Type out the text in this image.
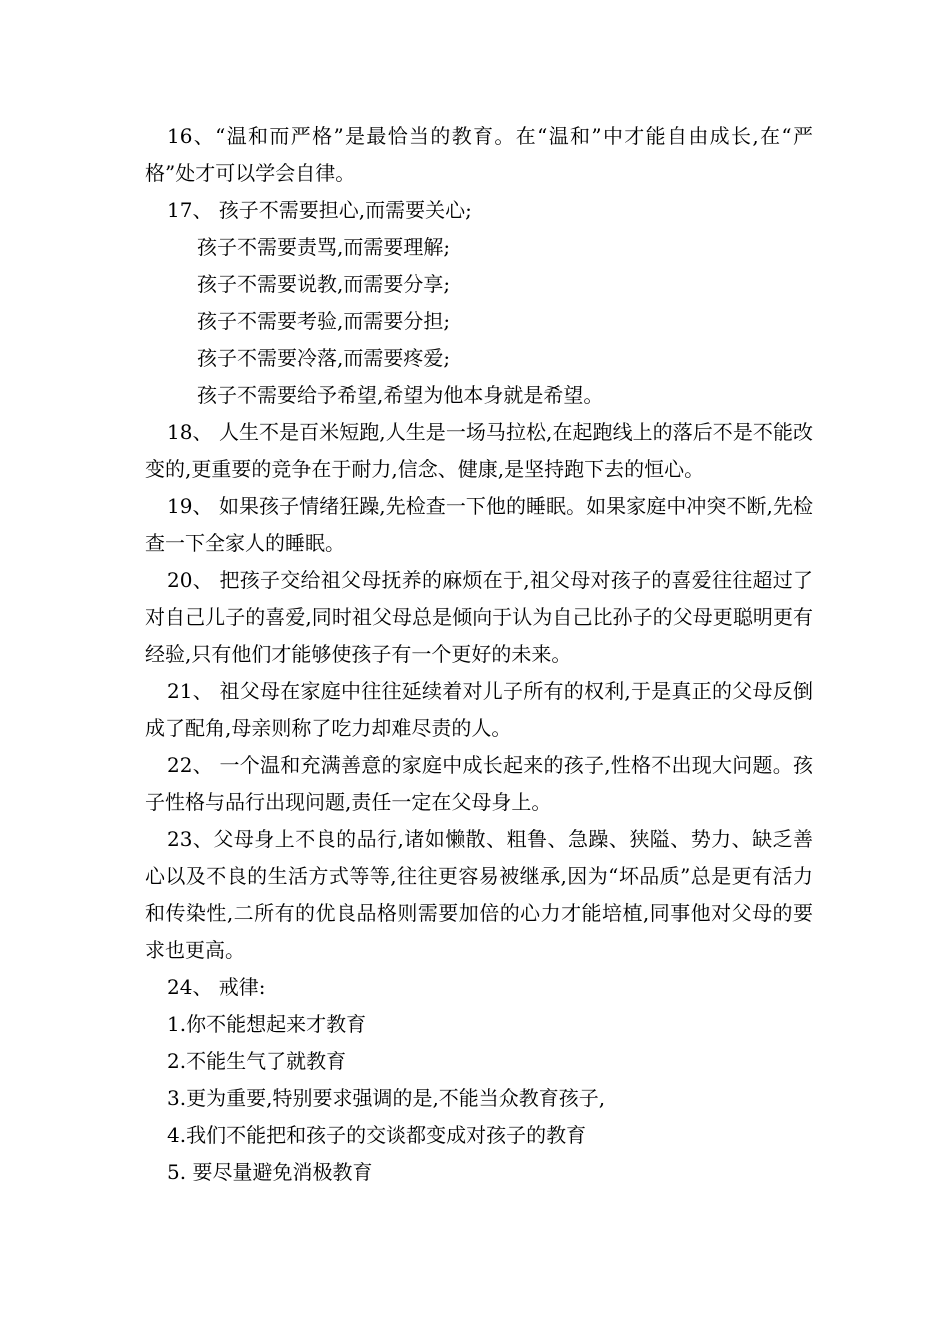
16、“温和而严格”是最恰当的教育。在“温和”中才能自由成长,在“严格”处才可以学会自律。

17、 孩子不需要担心,而需要关心;

孩子不需要责骂,而需要理解;

孩子不需要说教,而需要分享;

孩子不需要考验,而需要分担;

孩子不需要冷落,而需要疼爱;

孩子不需要给予希望,希望为他本身就是希望。

18、 人生不是百米短跑,人生是一场马拉松,在起跑线上的落后不是不能改变的,更重要的竞争在于耐力,信念、健康,是坚持跑下去的恒心。

19、 如果孩子情绪狂躁,先检查一下他的睡眠。如果家庭中冲突不断,先检查一下全家人的睡眠。

20、 把孩子交给祖父母抚养的麻烦在于,祖父母对孩子的喜爱往往超过了对自己儿子的喜爱,同时祖父母总是倾向于认为自己比孙子的父母更聪明更有经验,只有他们才能够使孩子有一个更好的未来。

21、 祖父母在家庭中往往延续着对儿子所有的权利,于是真正的父母反倒成了配角,母亲则称了吃力却难尽责的人。

22、 一个温和充满善意的家庭中成长起来的孩子,性格不出现大问题。孩子性格与品行出现问题,责任一定在父母身上。

23、父母身上不良的品行,诸如懒散、粗鲁、急躁、狭隘、势力、缺乏善心以及不良的生活方式等等,往往更容易被继承,因为“坏品质”总是更有活力和传染性,二所有的优良品格则需要加倍的心力才能培植,同事他对父母的要求也更高。

24、 戒律:

1.你不能想起来才教育

2.不能生气了就教育

3.更为重要,特别要求强调的是,不能当众教育孩子,

4.我们不能把和孩子的交谈都变成对孩子的教育

5. 要尽量避免消极教育
